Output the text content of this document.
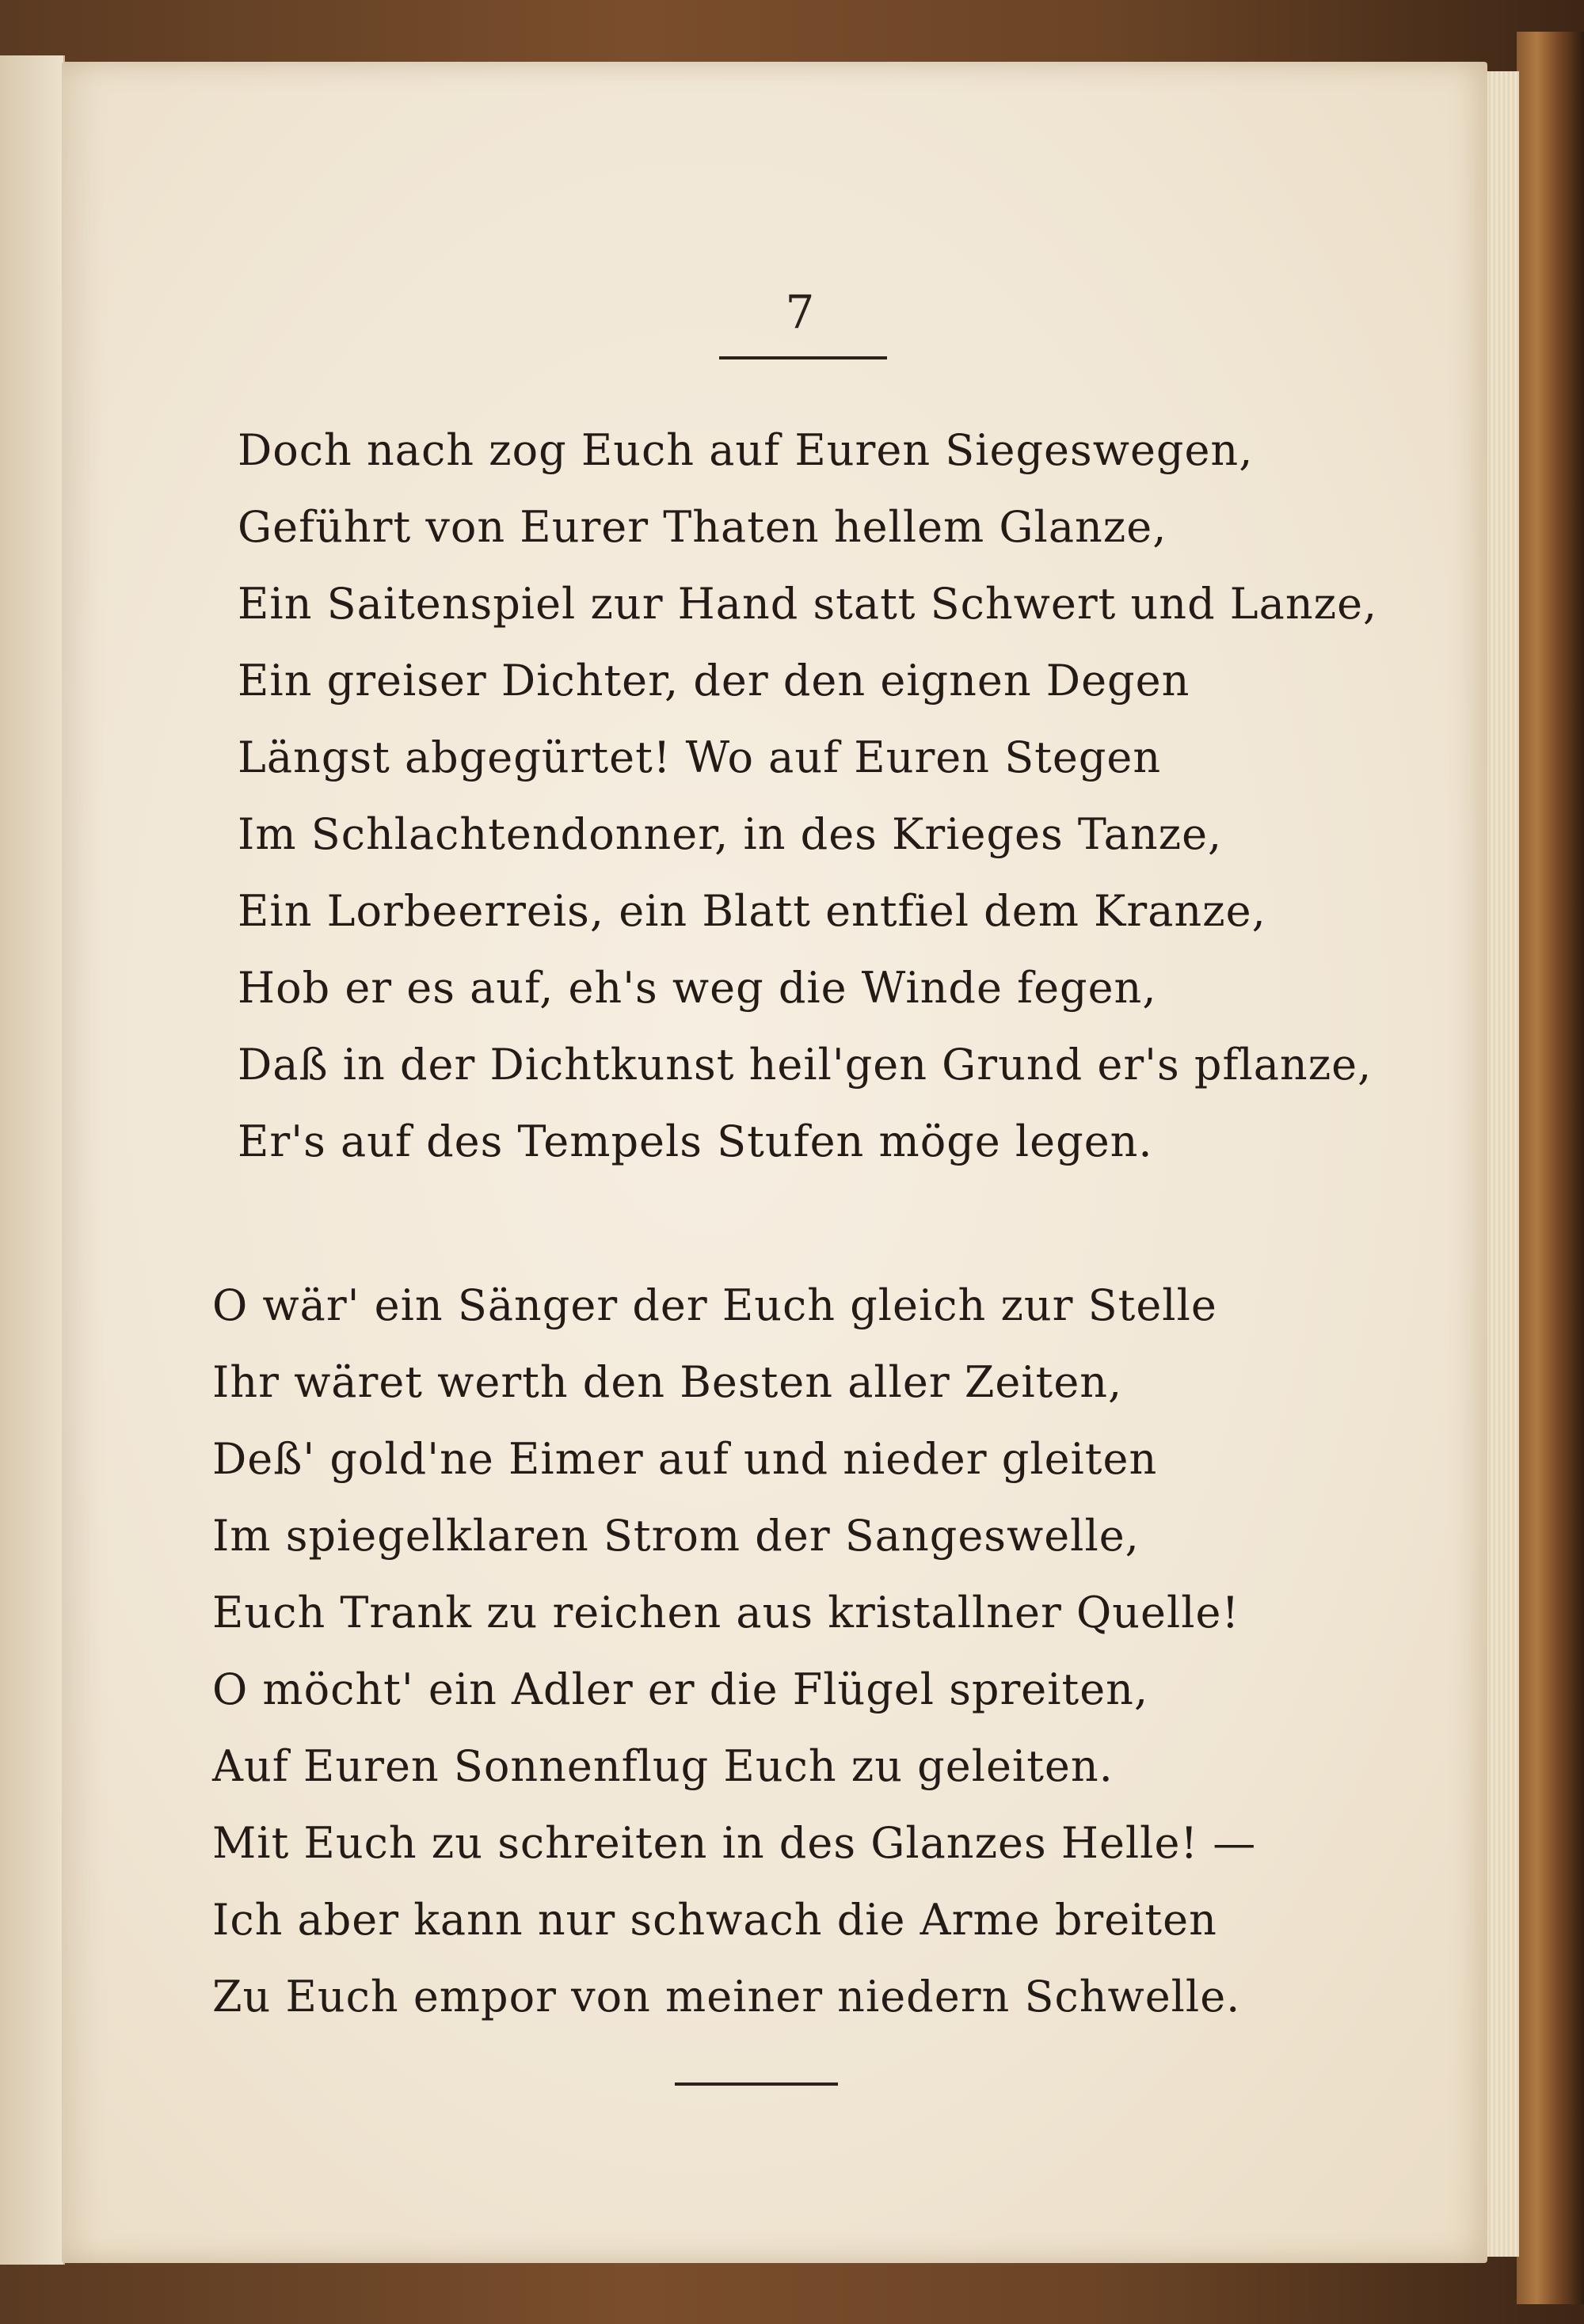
7
Doch nach zog Euch auf Euren Siegeswegen,
Geführt von Eurer Thaten hellem Glanze,
Ein Saitenspiel zur Hand statt Schwert und Lanze,
Ein greiser Dichter, der den eignen Degen
Längst abgegürtet! Wo auf Euren Stegen
Im Schlachtendonner, in des Krieges Tanze,
Ein Lorbeerreis, ein Blatt entfiel dem Kranze,
Hob er es auf, eh's weg die Winde fegen,
Daß in der Dichtkunst heil'gen Grund er's pflanze,
Er's auf des Tempels Stufen möge legen.
O wär' ein Sänger der Euch gleich zur Stelle
Ihr wäret werth den Besten aller Zeiten,
Deß' gold'ne Eimer auf und nieder gleiten
Im spiegelklaren Strom der Sangeswelle,
Euch Trank zu reichen aus kristallner Quelle!
O möcht' ein Adler er die Flügel spreiten,
Auf Euren Sonnenflug Euch zu geleiten.
Mit Euch zu schreiten in des Glanzes Helle! —
Ich aber kann nur schwach die Arme breiten
Zu Euch empor von meiner niedern Schwelle.
